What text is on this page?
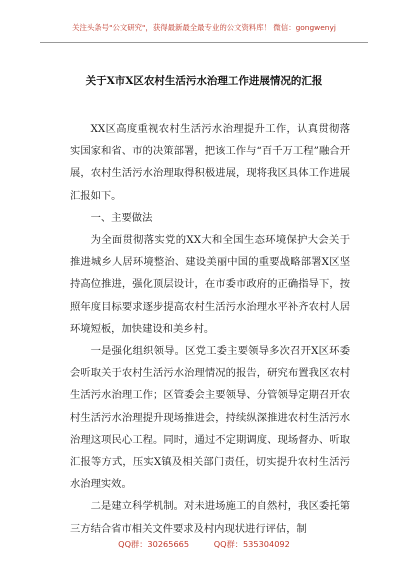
关注头条号"公文研究"，获得最新最全最专业的公文资料库！ 微信：gongwenyj
关于X市X区农村生活污水治理工作进展情况的汇报

XX区高度重视农村生活污水治理提升工作，认真贯彻落实国家和省、市的决策部署，把该工作与“百千万工程”融合开展，农村生活污水治理取得积极进展，现将我区具体工作进展汇报如下。

一、主要做法

为全面贯彻落实党的XX大和全国生态环境保护大会关于推进城乡人居环境整治、建设美丽中国的重要战略部署X区坚持高位推进，强化顶层设计，在市委市政府的正确指导下，按照年度目标要求逐步提高农村生活污水治理水平补齐农村人居环境短板，加快建设和美乡村。

一是强化组织领导。区党工委主要领导多次召开X区环委会听取关于农村生活污水治理情况的报告，研究布置我区农村生活污水治理工作；区管委会主要领导、分管领导定期召开农村生活污水治理提升现场推进会，持续纵深推进农村生活污水治理这项民心工程。同时，通过不定期调度、现场督办、听取汇报等方式，压实X镇及相关部门责任，切实提升农村生活污水治理实效。

二是建立科学机制。对未进场施工的自然村，我区委托第三方结合省市相关文件要求及村内现状进行评估，制

QQ群：30265665	QQ群：535304092
